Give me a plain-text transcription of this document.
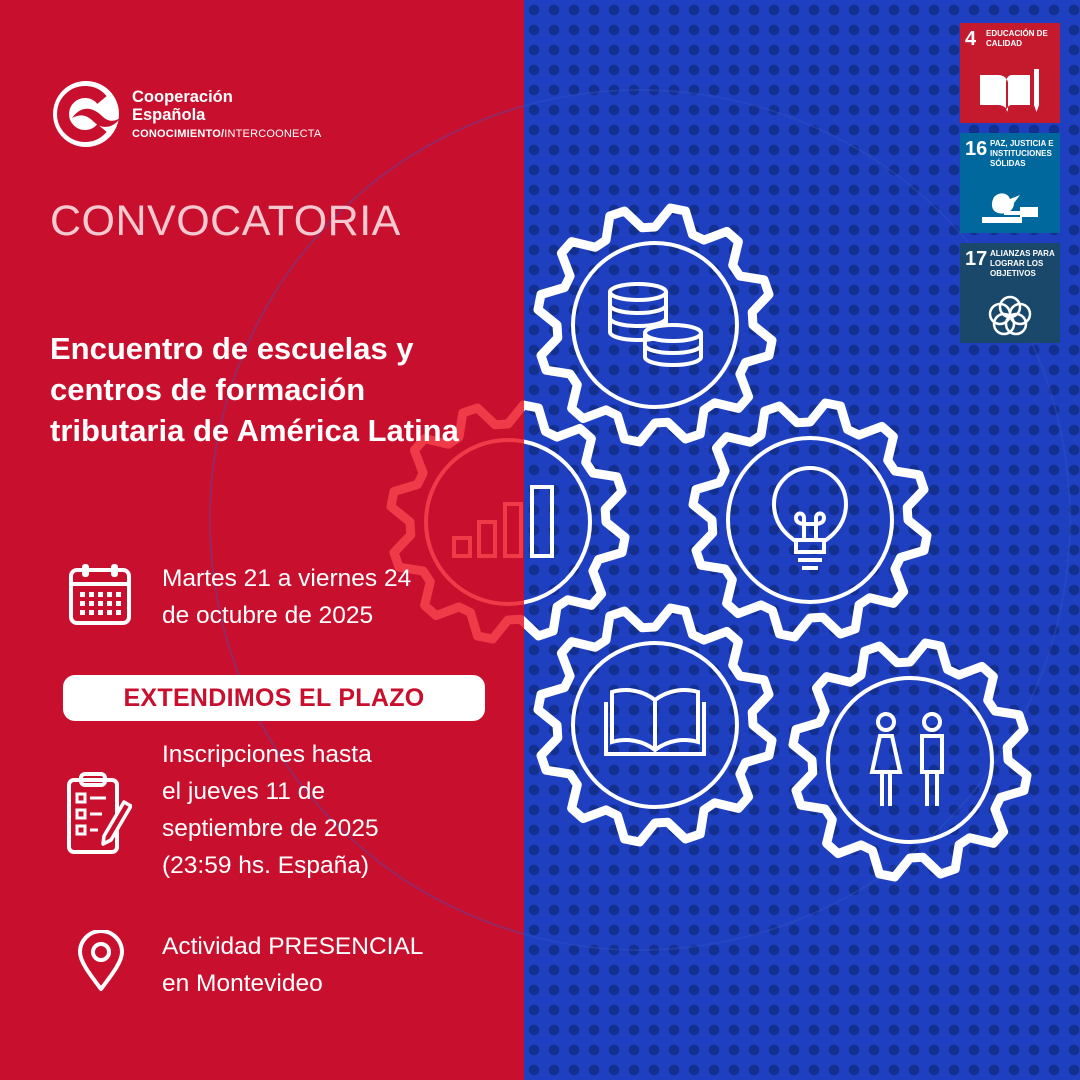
Cooperación
Española
CONOCIMIENTO/INTERCOONECTA
CONVOCATORIA
Encuentro de escuelas y centros de formación tributaria de América Latina
Martes 21 a viernes 24
de octubre de 2025
EXTENDIMOS EL PLAZO
Inscripciones hasta
el jueves 11 de
septiembre de 2025
(23:59 hs. España)
Actividad PRESENCIAL
en Montevideo
4 EDUCACIÓN DE CALIDAD
16 PAZ, JUSTICIA E INSTITUCIONES SÓLIDAS
17 ALIANZAS PARA LOGRAR LOS OBJETIVOS
